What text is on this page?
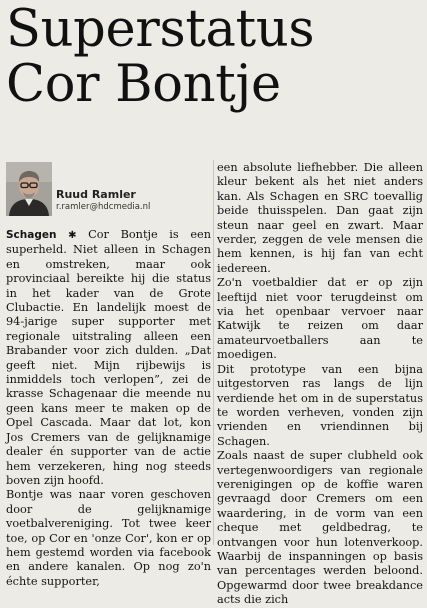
Superstatus
Cor Bontje
Ruud Ramler
r.ramler@hdcmedia.nl

Schagen ✱ Cor Bontje is een superheld. Niet alleen in Schagen en omstreken, maar ook provinciaal bereikte hij die status in het kader van de Grote Clubactie. En landelijk moest de 94-jarige super supporter met regionale uitstraling alleen een Brabander voor zich dulden. „Dat geeft niet. Mijn rijbewijs is inmiddels toch verlopen”, zei de krasse Schagenaar die meende nu geen kans meer te maken op de Opel Cascada. Maar dat lot, kon Jos Cremers van de gelijknamige dealer én supporter van de actie hem verzekeren, hing nog steeds boven zijn hoofd.

Bontje was naar voren geschoven door de gelijknamige voetbalvereniging. Tot twee keer toe, op Cor en 'onze Cor', kon er op hem gestemd worden via facebook en andere kanalen. Op nog zo'n échte supporter,

een absolute liefhebber. Die alleen kleur bekent als het niet anders kan. Als Schagen en SRC toevallig beide thuisspelen. Dan gaat zijn steun naar geel en zwart. Maar verder, zeggen de vele mensen die hem kennen, is hij fan van echt iedereen.

Zo'n voetbaldier dat er op zijn leeftijd niet voor terugdeinst om via het openbaar vervoer naar Katwijk te reizen om daar amateurvoetballers aan te moedigen.

Dit prototype van een bijna uitgestorven ras langs de lijn verdiende het om in de superstatus te worden verheven, vonden zijn vrienden en vriendinnen bij Schagen.

Zoals naast de super clubheld ook vertegenwoordigers van regionale verenigingen op de koffie waren gevraagd door Cremers om een waardering, in de vorm van een cheque met geldbedrag, te ontvangen voor hun lotenverkoop. Waarbij de inspanningen op basis van percentages werden beloond. Opgewarmd door twee breakdance acts die zich
